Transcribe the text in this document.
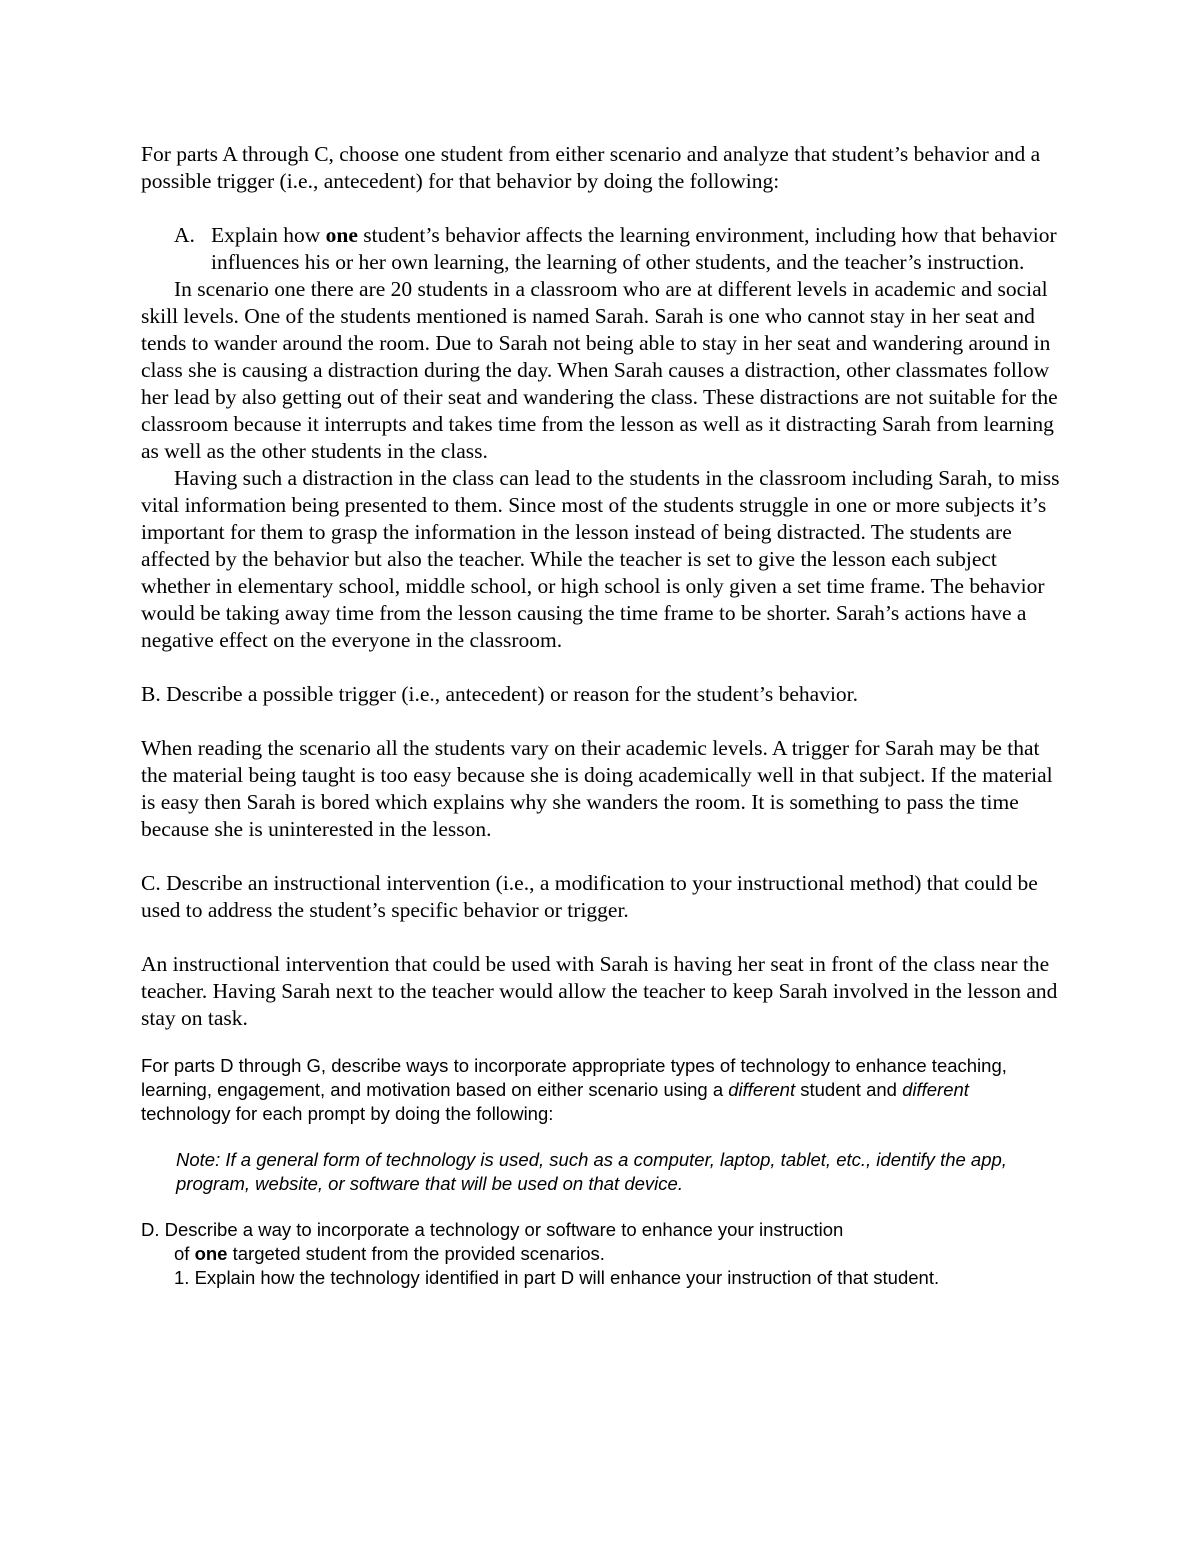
For parts A through C, choose one student from either scenario and analyze that student’s behavior and a possible trigger (i.e., antecedent) for that behavior by doing the following:

A. Explain how one student’s behavior affects the learning environment, including how that behavior influences his or her own learning, the learning of other students, and the teacher’s instruction.

In scenario one there are 20 students in a classroom who are at different levels in academic and social skill levels. One of the students mentioned is named Sarah. Sarah is one who cannot stay in her seat and tends to wander around the room. Due to Sarah not being able to stay in her seat and wandering around in class she is causing a distraction during the day. When Sarah causes a distraction, other classmates follow her lead by also getting out of their seat and wandering the class. These distractions are not suitable for the classroom because it interrupts and takes time from the lesson as well as it distracting Sarah from learning as well as the other students in the class.

Having such a distraction in the class can lead to the students in the classroom including Sarah, to miss vital information being presented to them. Since most of the students struggle in one or more subjects it’s important for them to grasp the information in the lesson instead of being distracted. The students are affected by the behavior but also the teacher. While the teacher is set to give the lesson each subject whether in elementary school, middle school, or high school is only given a set time frame. The behavior would be taking away time from the lesson causing the time frame to be shorter. Sarah’s actions have a negative effect on the everyone in the classroom.

B. Describe a possible trigger (i.e., antecedent) or reason for the student’s behavior.

When reading the scenario all the students vary on their academic levels. A trigger for Sarah may be that the material being taught is too easy because she is doing academically well in that subject. If the material is easy then Sarah is bored which explains why she wanders the room. It is something to pass the time because she is uninterested in the lesson.

C. Describe an instructional intervention (i.e., a modification to your instructional method) that could be used to address the student’s specific behavior or trigger.

An instructional intervention that could be used with Sarah is having her seat in front of the class near the teacher. Having Sarah next to the teacher would allow the teacher to keep Sarah involved in the lesson and stay on task.

For parts D through G, describe ways to incorporate appropriate types of technology to enhance teaching, learning, engagement, and motivation based on either scenario using a different student and different technology for each prompt by doing the following:

Note: If a general form of technology is used, such as a computer, laptop, tablet, etc., identify the app, program, website, or software that will be used on that device.

D. Describe a way to incorporate a technology or software to enhance your instruction

of one targeted student from the provided scenarios.

1. Explain how the technology identified in part D will enhance your instruction of that student.
